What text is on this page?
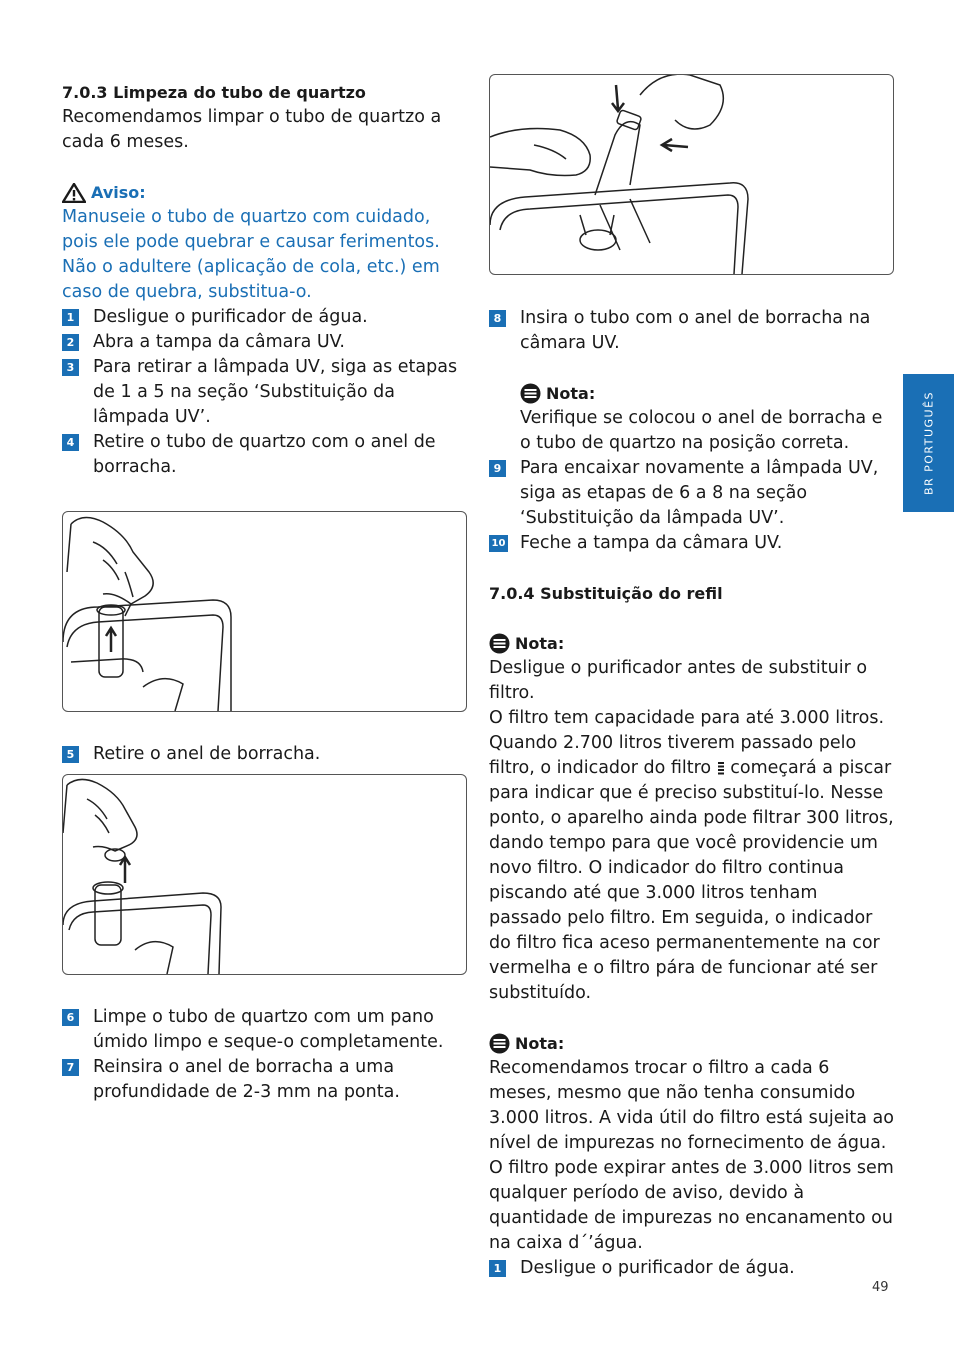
BR PORTUGUÊS
7.0.3 Limpeza do tubo de quartzo

Recomendamos limpar o tubo de quartzo a cada 6 meses.

Aviso:

Manuseie o tubo de quartzo com cuidado, pois ele pode quebrar e causar ferimentos. Não o adultere (aplicação de cola, etc.) em caso de quebra, substitua-o.

1 Desligue o purificador de água.
2 Abra a tampa da câmara UV.
3 Para retirar a lâmpada UV, siga as etapas de 1 a 5 na seção ‘Substituição da lâmpada UV’.
4 Retire o tubo de quartzo com o anel de borracha.
5 Retire o anel de borracha.
6 Limpe o tubo de quartzo com um pano úmido limpo e seque-o completamente.
7 Reinsira o anel de borracha a uma profundidade de 2-3 mm na ponta.
8 Insira o tubo com o anel de borracha na câmara UV.
Nota:

Verifique se colocou o anel de borracha e o tubo de quartzo na posição correta.

9 Para encaixar novamente a lâmpada UV, siga as etapas de 6 a 8 na seção ‘Substituição da lâmpada UV’.
10 Feche a tampa da câmara UV.
7.0.4 Substituição do refil
Nota:

Desligue o purificador antes de substituir o filtro.

O filtro tem capacidade para até 3.000 litros. Quando 2.700 litros tiverem passado pelo filtro, o indicador do filtro  começará a piscar para indicar que é preciso substituí-lo. Nesse ponto, o aparelho ainda pode filtrar 300 litros, dando tempo para que você providencie um novo filtro. O indicador do filtro continua piscando até que 3.000 litros tenham passado pelo filtro. Em seguida, o indicador do filtro fica aceso permanentemente na cor vermelha e o filtro pára de funcionar até ser substituído.

Nota:

Recomendamos trocar o filtro a cada 6 meses, mesmo que não tenha consumido 3.000 litros. A vida útil do filtro está sujeita ao nível de impurezas no fornecimento de água. O filtro pode expirar antes de 3.000 litros sem qualquer período de aviso, devido à quantidade de impurezas no encanamento ou na caixa d´’água.

1 Desligue o purificador de água.
49
